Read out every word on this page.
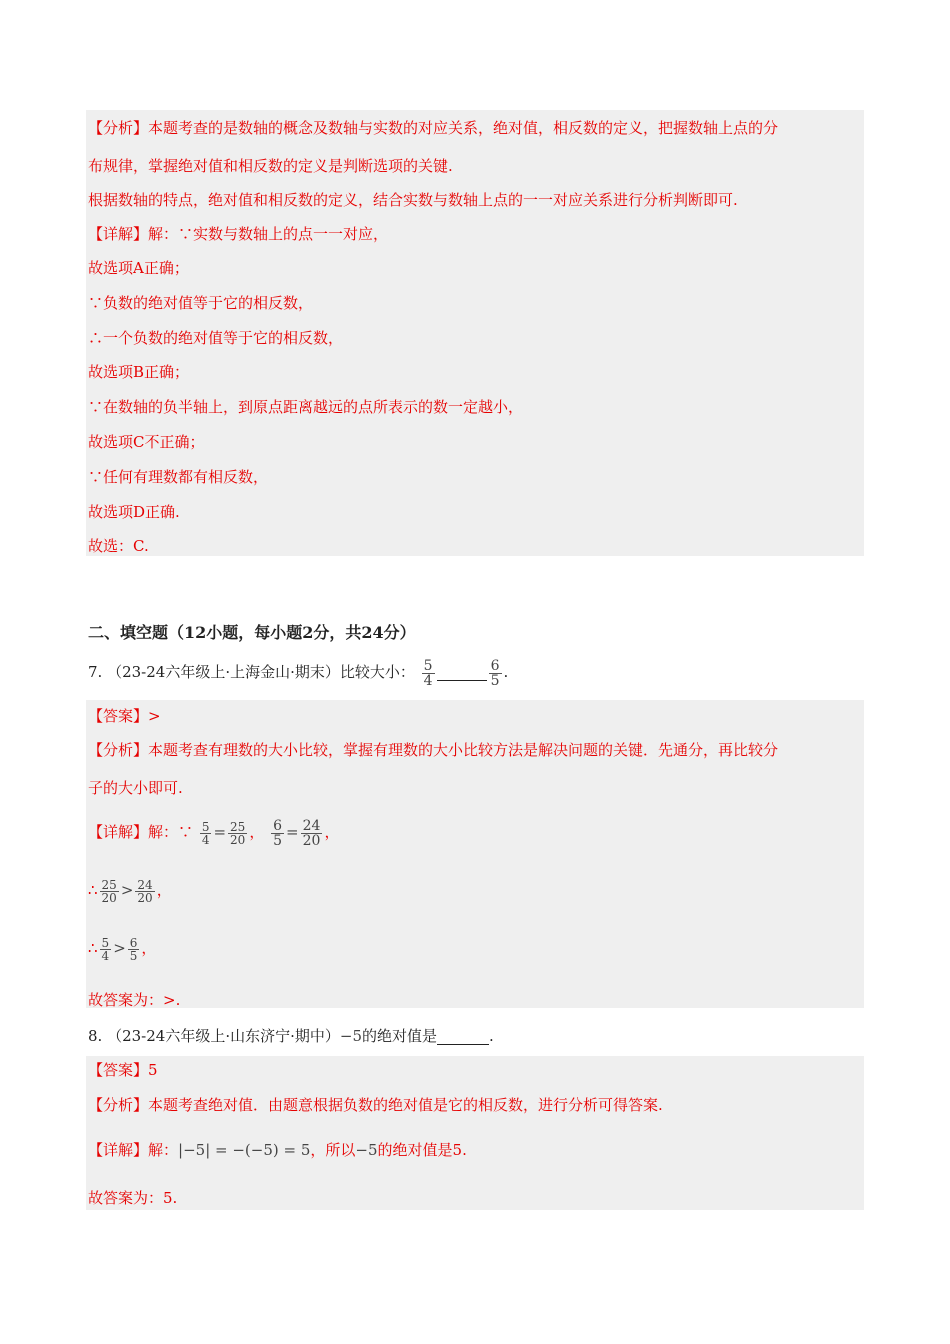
【分析】本题考查的是数轴的概念及数轴与实数的对应关系，绝对值，相反数的定义，把握数轴上点的分
布规律，掌握绝对值和相反数的定义是判断选项的关键.
根据数轴的特点，绝对值和相反数的定义，结合实数与数轴上点的一一对应关系进行分析判断即可.
【详解】解：∵实数与数轴上的点一一对应，
故选项A正确；
∵负数的绝对值等于它的相反数，
∴一个负数的绝对值等于它的相反数，
故选项B正确；
∵在数轴的负半轴上，到原点距离越远的点所表示的数一定越小，
故选项C不正确；
∵任何有理数都有相反数，
故选项D正确.
故选：C.
二、填空题（12小题，每小题2分，共24分）
7. （23-24六年级上·上海金山·期末）比较大小： $\frac{5}{4}$	$\frac{6}{5}$ .
【答案】>
【分析】本题考查有理数的大小比较，掌握有理数的大小比较方法是解决问题的关键．先通分，再比较分
子的大小即可.
【详解】解：∵ $\frac{5}{4} = \frac{25}{20}$ ， $\frac{6}{5} = \frac{24}{20}$ ，
∴ $\frac{25}{20} > \frac{24}{20}$ ，
∴ $\frac{5}{4} > \frac{6}{5}$ ，
故答案为：>.
8. （23-24六年级上·山东济宁·期中）−5的绝对值是	.
【答案】5
【分析】本题考查绝对值．由题意根据负数的绝对值是它的相反数，进行分析可得答案.
【详解】解：|−5| = −(−5) = 5，所以−5的绝对值是5.
故答案为：5.
